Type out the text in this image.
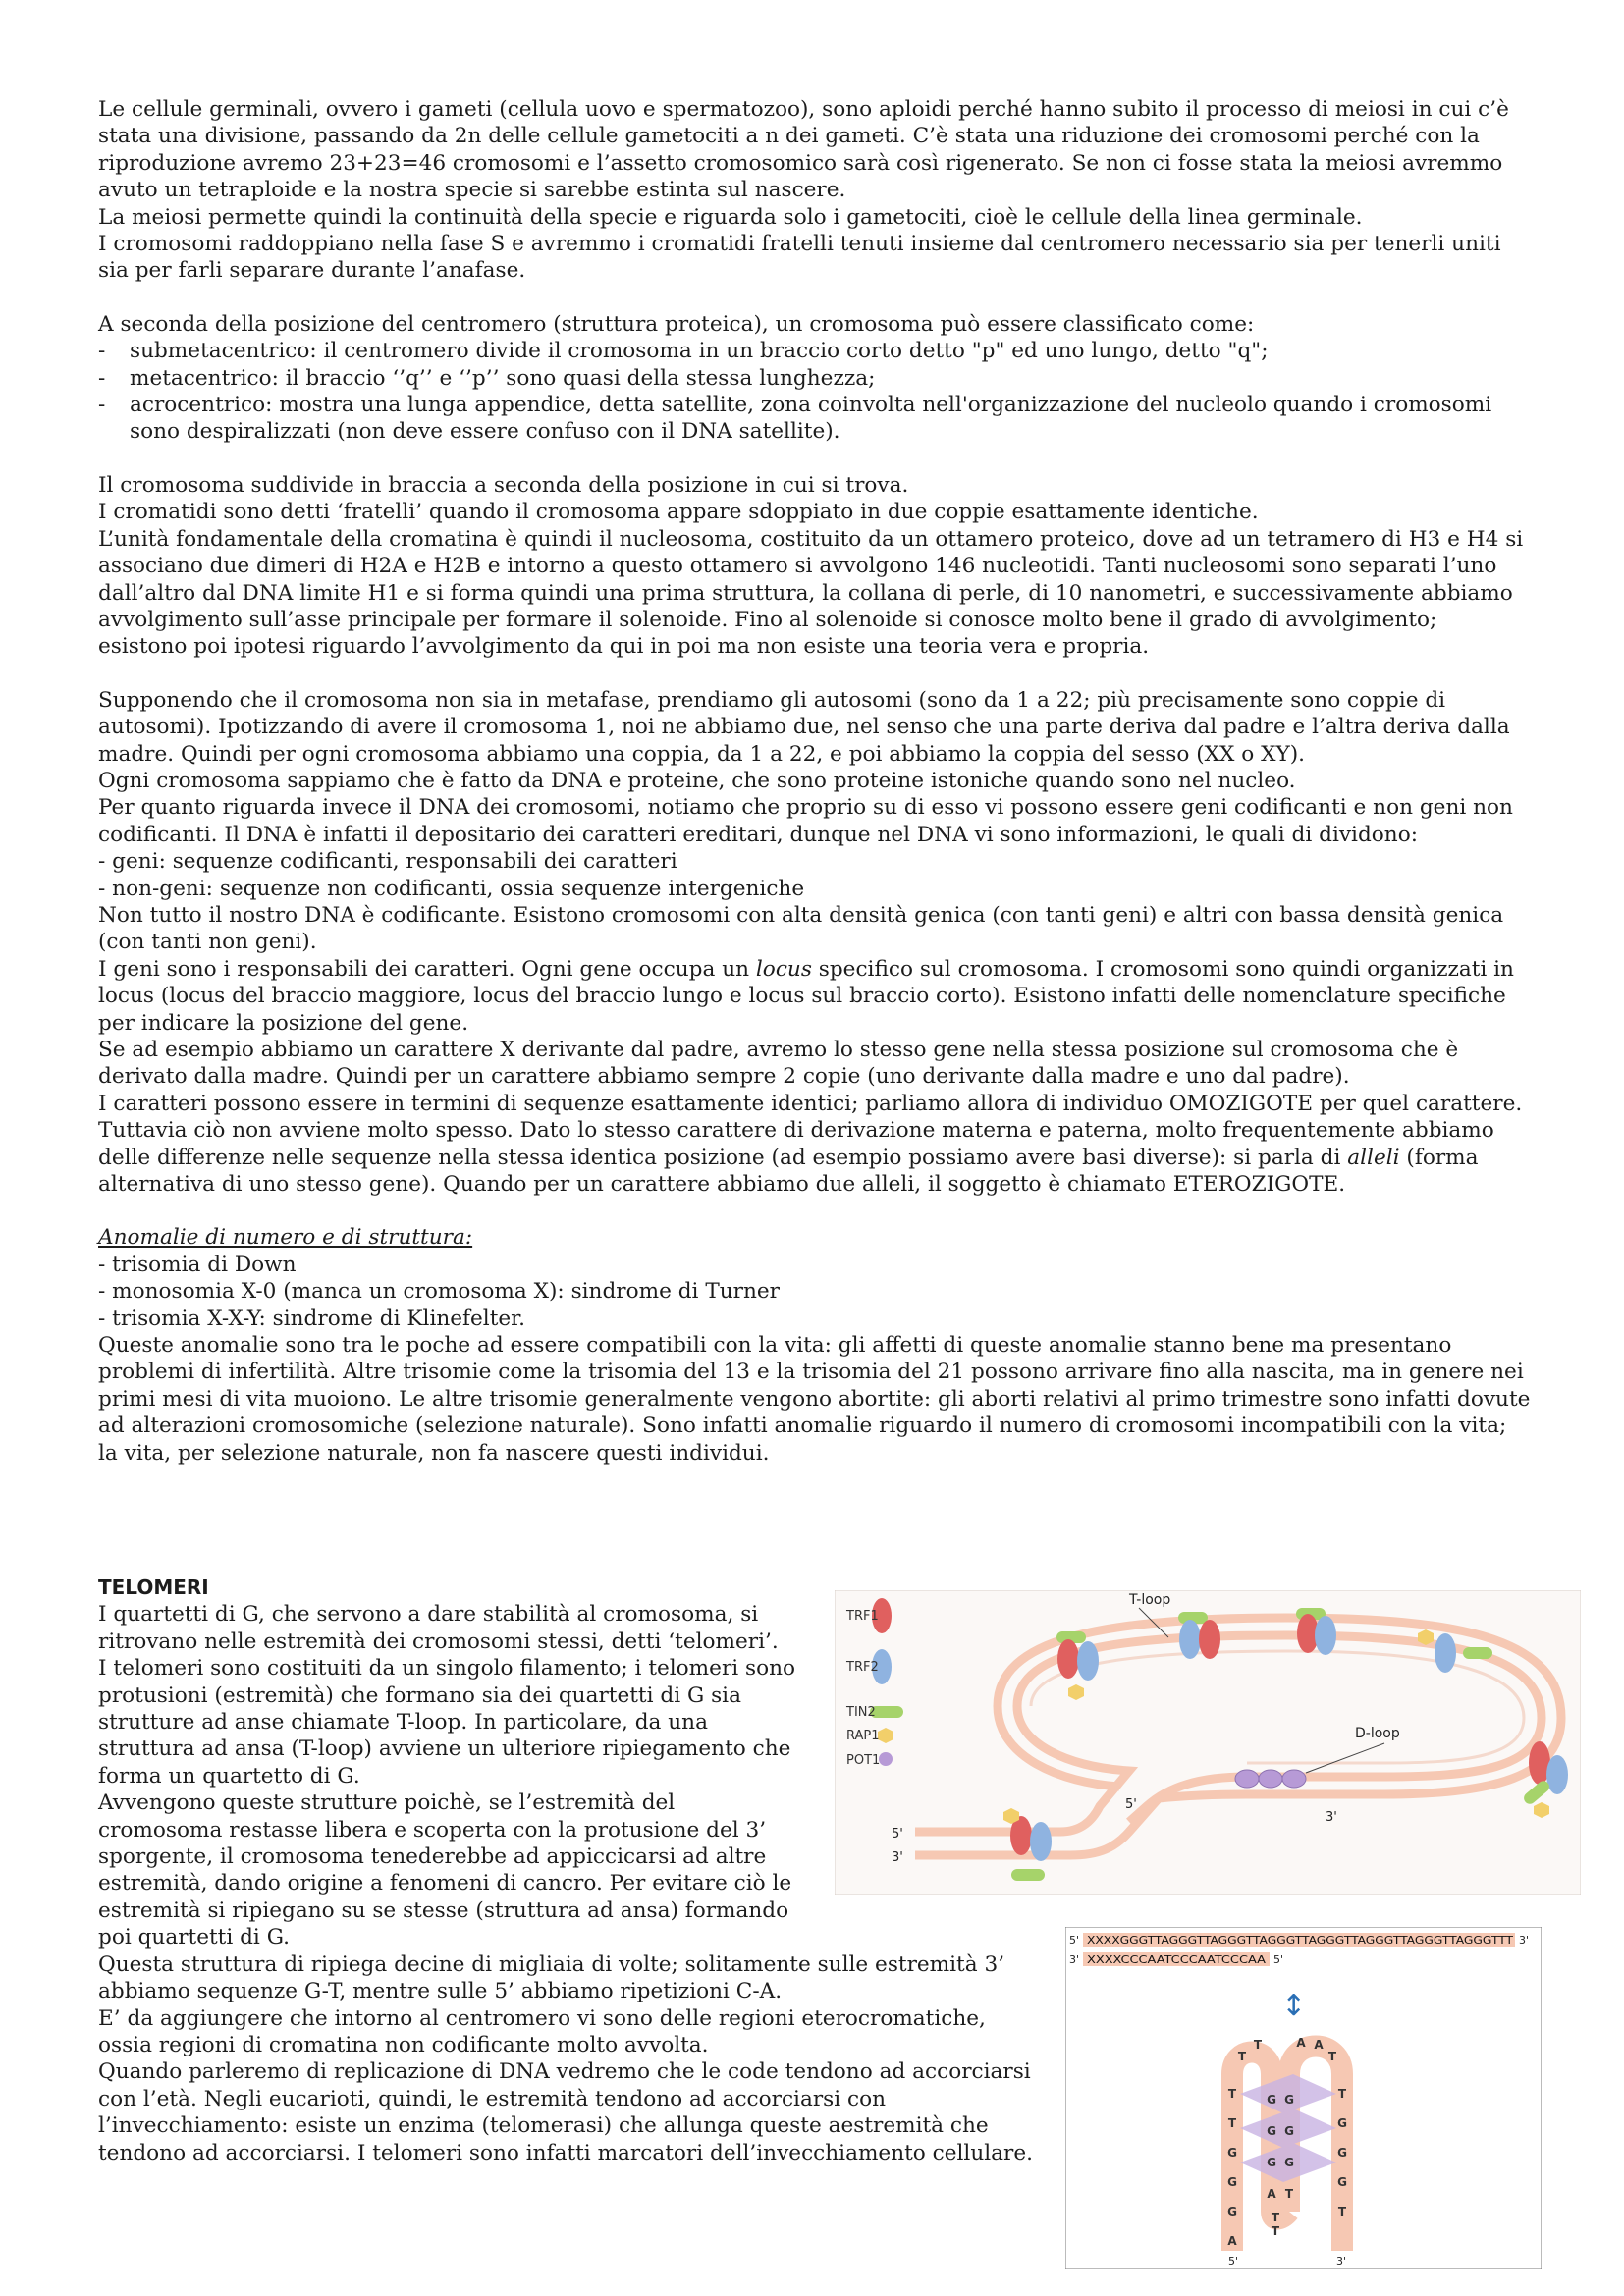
Le cellule germinali, ovvero i gameti (cellula uovo e spermatozoo), sono aploidi perché hanno subito il processo di meiosi in cui c’è stata una divisione, passando da 2n delle cellule gametociti a n dei gameti. C’è stata una riduzione dei cromosomi perché con la riproduzione avremo 23+23=46 cromosomi e l’assetto cromosomico sarà così rigenerato. Se non ci fosse stata la meiosi avremmo avuto un tetraploide e la nostra specie si sarebbe estinta sul nascere.

La meiosi permette quindi la continuità della specie e riguarda solo i gametociti, cioè le cellule della linea germinale.

I cromosomi raddoppiano nella fase S e avremmo i cromatidi fratelli tenuti insieme dal centromero necessario sia per tenerli uniti sia per farli separare durante l’anafase.

A seconda della posizione del centromero (struttura proteica), un cromosoma può essere classificato come:

- submetacentrico: il centromero divide il cromosoma in un braccio corto detto "p" ed uno lungo, detto "q";
- metacentrico: il braccio ‘’q’’ e ‘’p’’ sono quasi della stessa lunghezza;
- acrocentrico: mostra una lunga appendice, detta satellite, zona coinvolta nell'organizzazione del nucleolo quando i cromosomi sono despiralizzati (non deve essere confuso con il DNA satellite).

Il cromosoma suddivide in braccia a seconda della posizione in cui si trova.

I cromatidi sono detti ‘fratelli’ quando il cromosoma appare sdoppiato in due coppie esattamente identiche.

L’unità fondamentale della cromatina è quindi il nucleosoma, costituito da un ottamero proteico, dove ad un tetramero di H3 e H4 si associano due dimeri di H2A e H2B e intorno a questo ottamero si avvolgono 146 nucleotidi. Tanti nucleosomi sono separati l’uno dall’altro dal DNA limite H1 e si forma quindi una prima struttura, la collana di perle, di 10 nanometri, e successivamente abbiamo avvolgimento sull’asse principale per formare il solenoide. Fino al solenoide si conosce molto bene il grado di avvolgimento; esistono poi ipotesi riguardo l’avvolgimento da qui in poi ma non esiste una teoria vera e propria.

Supponendo che il cromosoma non sia in metafase, prendiamo gli autosomi (sono da 1 a 22; più precisamente sono coppie di autosomi). Ipotizzando di avere il cromosoma 1, noi ne abbiamo due, nel senso che una parte deriva dal padre e l’altra deriva dalla madre. Quindi per ogni cromosoma abbiamo una coppia, da 1 a 22, e poi abbiamo la coppia del sesso (XX o XY).

Ogni cromosoma sappiamo che è fatto da DNA e proteine, che sono proteine istoniche quando sono nel nucleo.

Per quanto riguarda invece il DNA dei cromosomi, notiamo che proprio su di esso vi possono essere geni codificanti e non geni non codificanti. Il DNA è infatti il depositario dei caratteri ereditari, dunque nel DNA vi sono informazioni, le quali di dividono:

- geni: sequenze codificanti, responsabili dei caratteri

- non-geni: sequenze non codificanti, ossia sequenze intergeniche

Non tutto il nostro DNA è codificante. Esistono cromosomi con alta densità genica (con tanti geni) e altri con bassa densità genica (con tanti non geni).

I geni sono i responsabili dei caratteri. Ogni gene occupa un locus specifico sul cromosoma. I cromosomi sono quindi organizzati in locus (locus del braccio maggiore, locus del braccio lungo e locus sul braccio corto). Esistono infatti delle nomenclature specifiche per indicare la posizione del gene.

Se ad esempio abbiamo un carattere X derivante dal padre, avremo lo stesso gene nella stessa posizione sul cromosoma che è derivato dalla madre. Quindi per un carattere abbiamo sempre 2 copie (uno derivante dalla madre e uno dal padre).

I caratteri possono essere in termini di sequenze esattamente identici; parliamo allora di individuo OMOZIGOTE per quel carattere.

Tuttavia ciò non avviene molto spesso. Dato lo stesso carattere di derivazione materna e paterna, molto frequentemente abbiamo delle differenze nelle sequenze nella stessa identica posizione (ad esempio possiamo avere basi diverse): si parla di alleli (forma alternativa di uno stesso gene). Quando per un carattere abbiamo due alleli, il soggetto è chiamato ETEROZIGOTE.

Anomalie di numero e di struttura:

- trisomia di Down

- monosomia X-0 (manca un cromosoma X): sindrome di Turner

- trisomia X-X-Y: sindrome di Klinefelter.

Queste anomalie sono tra le poche ad essere compatibili con la vita: gli affetti di queste anomalie stanno bene ma presentano problemi di infertilità. Altre trisomie come la trisomia del 13 e la trisomia del 21 possono arrivare fino alla nascita, ma in genere nei primi mesi di vita muoiono. Le altre trisomie generalmente vengono abortite: gli aborti relativi al primo trimestre sono infatti dovute ad alterazioni cromosomiche (selezione naturale). Sono infatti anomalie riguardo il numero di cromosomi incompatibili con la vita; la vita, per selezione naturale, non fa nascere questi individui.

TELOMERI

I quartetti di G, che servono a dare stabilità al cromosoma, si ritrovano nelle estremità dei cromosomi stessi, detti ‘telomeri’.

I telomeri sono costituiti da un singolo filamento; i telomeri sono protusioni (estremità) che formano sia dei quartetti di G sia strutture ad anse chiamate T-loop. In particolare, da una struttura ad ansa (T-loop) avviene un ulteriore ripiegamento che forma un quartetto di G.

Avvengono queste strutture poichè, se l’estremità del cromosoma restasse libera e scoperta con la protusione del 3’ sporgente, il cromosoma tenederebbe ad appiccicarsi ad altre estremità, dando origine a fenomeni di cancro. Per evitare ciò le estremità si ripiegano su se stesse (struttura ad ansa) formando poi quartetti di G.

Questa struttura di ripiega decine di migliaia di volte; solitamente sulle estremità 3’ abbiamo sequenze G-T, mentre sulle 5’ abbiamo ripetizioni C-A.

E’ da aggiungere che intorno al centromero vi sono delle regioni eterocromatiche, ossia regioni di cromatina non codificante molto avvolta.

Quando parleremo di replicazione di DNA vedremo che le code tendono ad accorciarsi con l’età. Negli eucarioti, quindi, le estremità tendono ad accorciarsi con l’invecchiamento: esiste un enzima (telomerasi) che allunga queste aestremità che tendono ad accorciarsi. I telomeri sono infatti marcatori dell’invecchiamento cellulare.

TRF1
TRF2
TIN2
RAP1
POT1
T-loop
D-loop
5'
3'
5'
3'
5'	3'
XXXXGGGTTAGGGTTAGGGTTAGGGTTAGGGTTAGGGTTAGGGTTAGGGTTT
3' XXXXCCCAATCCCAATCCCAA 5'
↕
T
T
G
G
G
A
G
G
G
A
G
G
G
T
T
G
G
G
T
T
T	A A
T
T
T
5'	3'
